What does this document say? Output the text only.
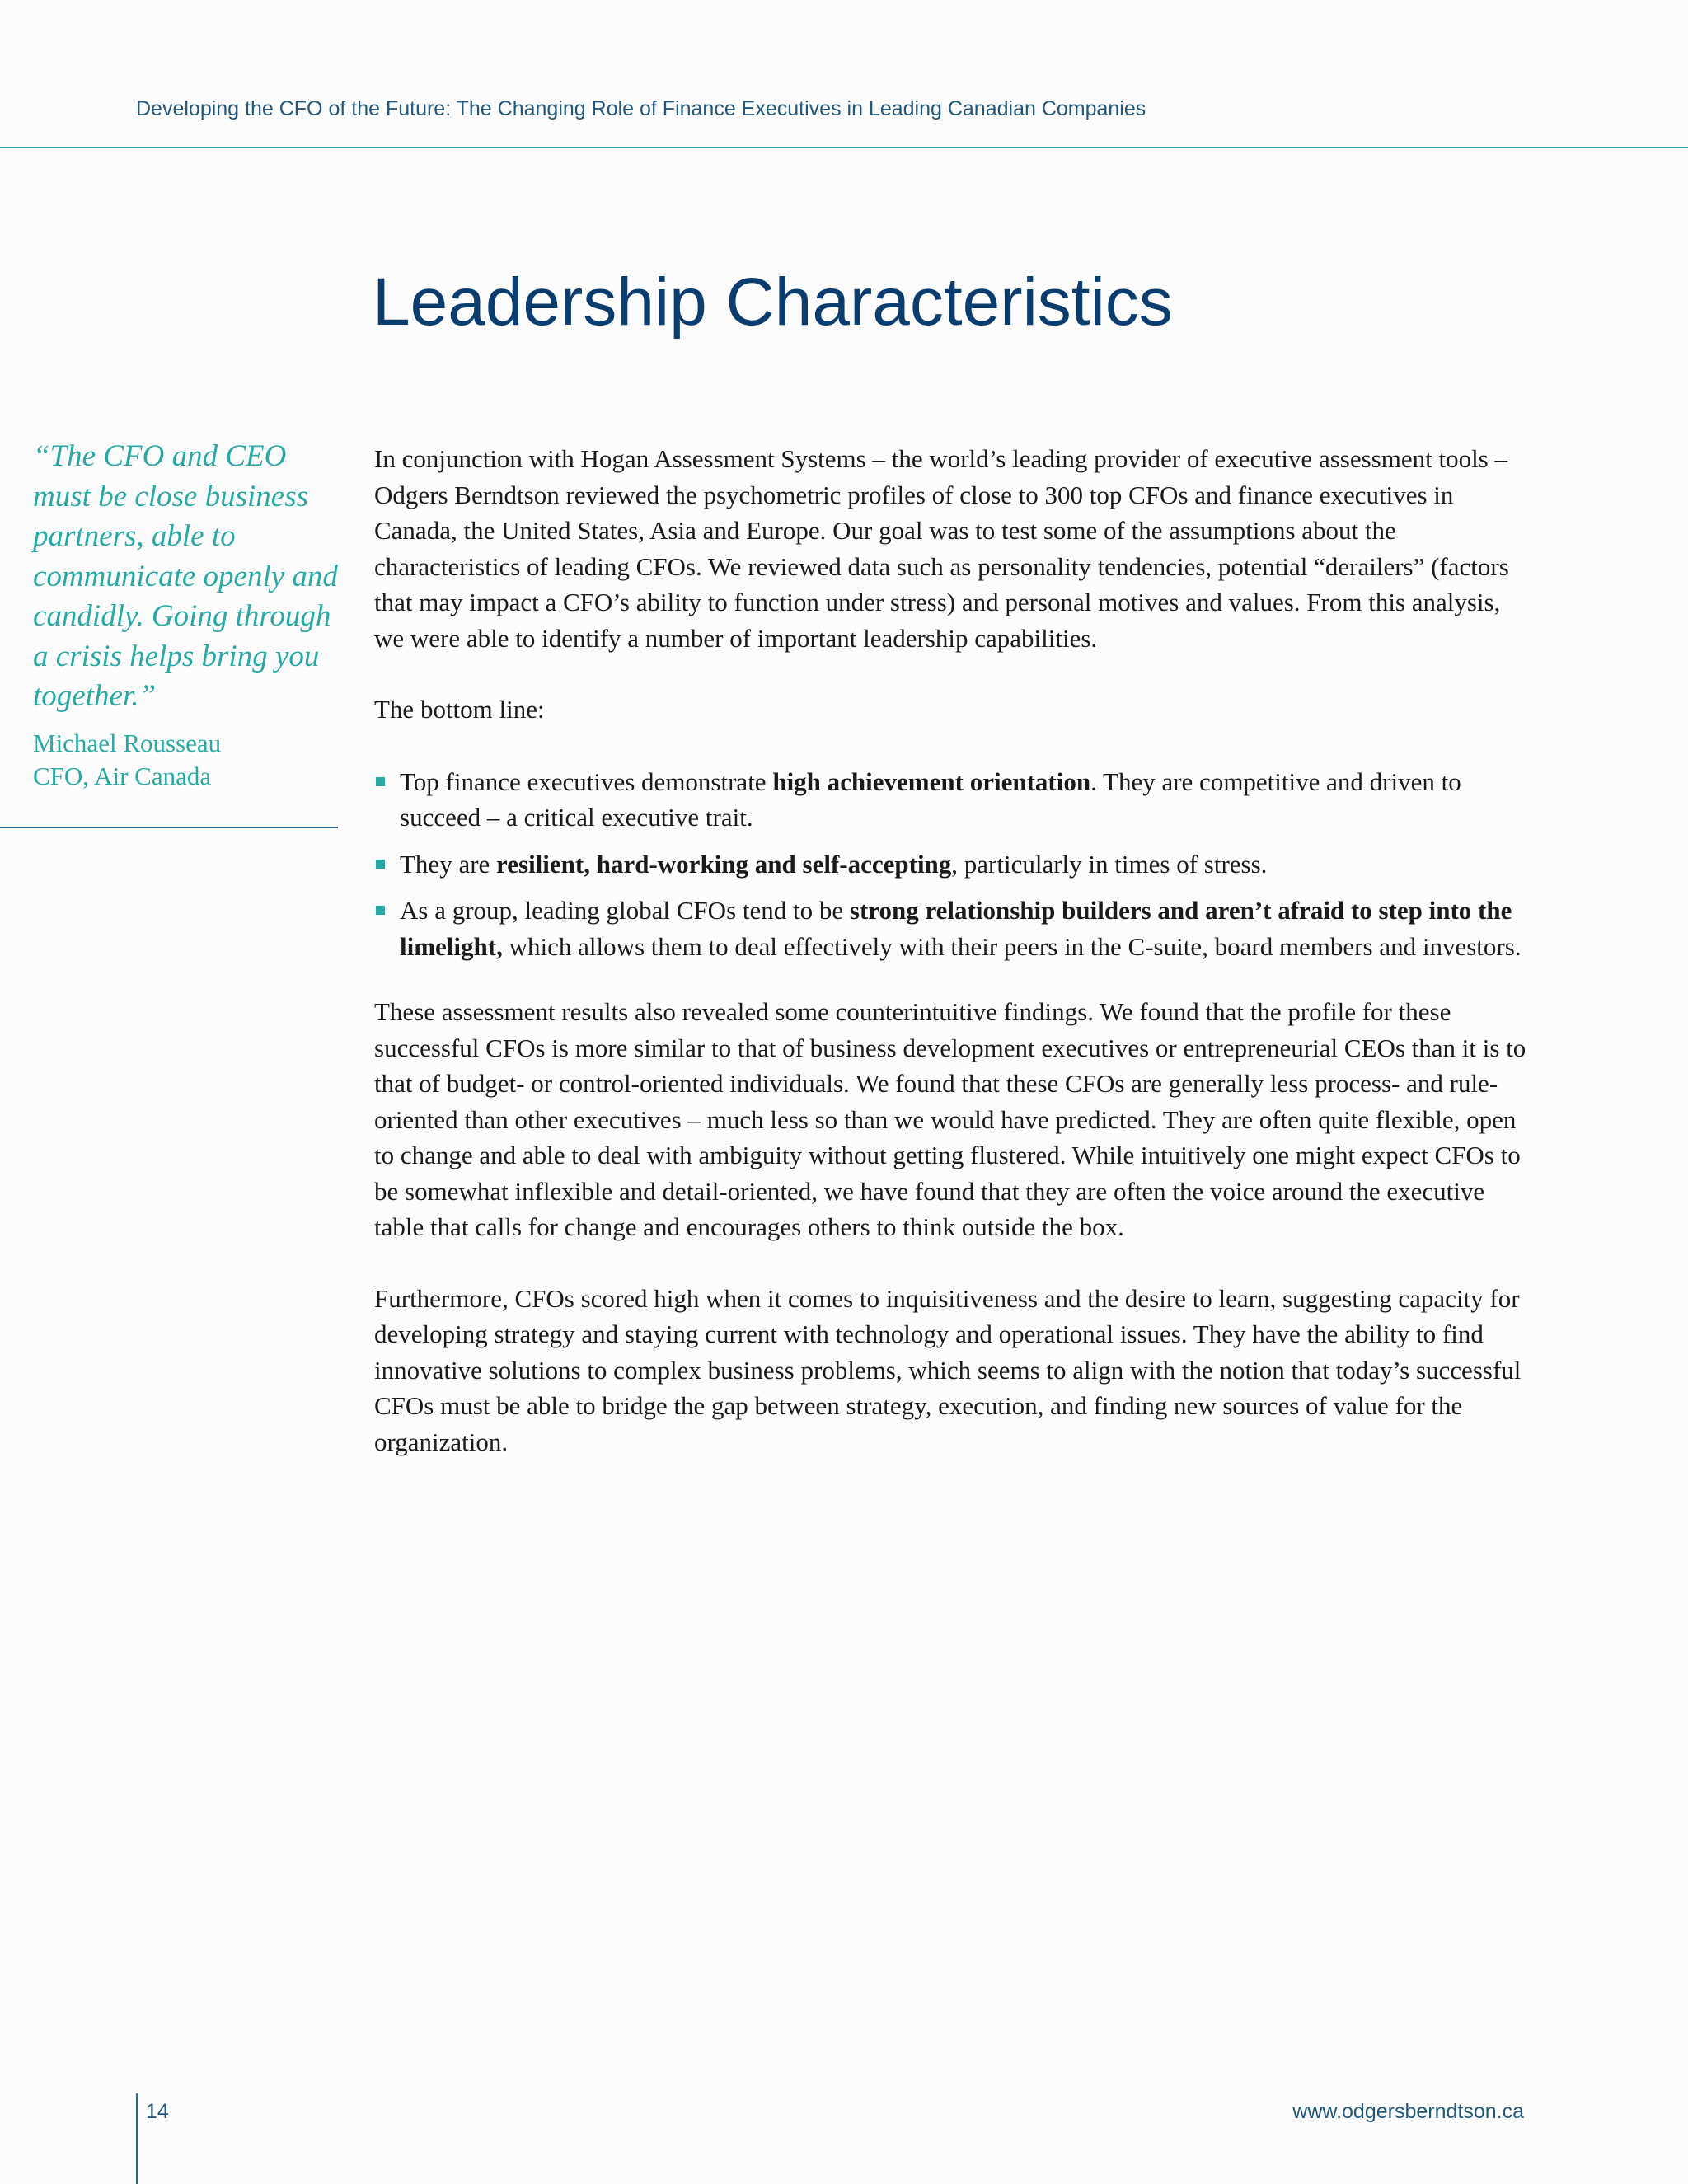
Developing the CFO of the Future: The Changing Role of Finance Executives in Leading Canadian Companies
Leadership Characteristics

“The CFO and CEO must be close business partners, able to communicate openly and candidly. Going through a crisis helps bring you together.”

Michael Rousseau
CFO, Air Canada

In conjunction with Hogan Assessment Systems – the world’s leading provider of executive assessment tools – Odgers Berndtson reviewed the psychometric profiles of close to 300 top CFOs and finance executives in Canada, the United States, Asia and Europe. Our goal was to test some of the assumptions about the characteristics of leading CFOs. We reviewed data such as personality tendencies, potential “derailers” (factors that may impact a CFO’s ability to function under stress) and personal motives and values. From this analysis, we were able to identify a number of important leadership capabilities.

The bottom line:

Top finance executives demonstrate high achievement orientation. They are competitive and driven to succeed – a critical executive trait.
They are resilient, hard-working and self-accepting, particularly in times of stress.
As a group, leading global CFOs tend to be strong relationship builders and aren’t afraid to step into the limelight, which allows them to deal effectively with their peers in the C-suite, board members and investors.

These assessment results also revealed some counterintuitive findings. We found that the profile for these successful CFOs is more similar to that of business development executives or entrepreneurial CEOs than it is to that of budget- or control-oriented individuals. We found that these CFOs are generally less process- and rule-oriented than other executives – much less so than we would have predicted. They are often quite flexible, open to change and able to deal with ambiguity without getting flustered. While intuitively one might expect CFOs to be somewhat inflexible and detail-oriented, we have found that they are often the voice around the executive table that calls for change and encourages others to think outside the box.

Furthermore, CFOs scored high when it comes to inquisitiveness and the desire to learn, suggesting capacity for developing strategy and staying current with technology and operational issues. They have the ability to find innovative solutions to complex business problems, which seems to align with the notion that today’s successful CFOs must be able to bridge the gap between strategy, execution, and finding new sources of value for the organization.

14	www.odgersberndtson.ca
